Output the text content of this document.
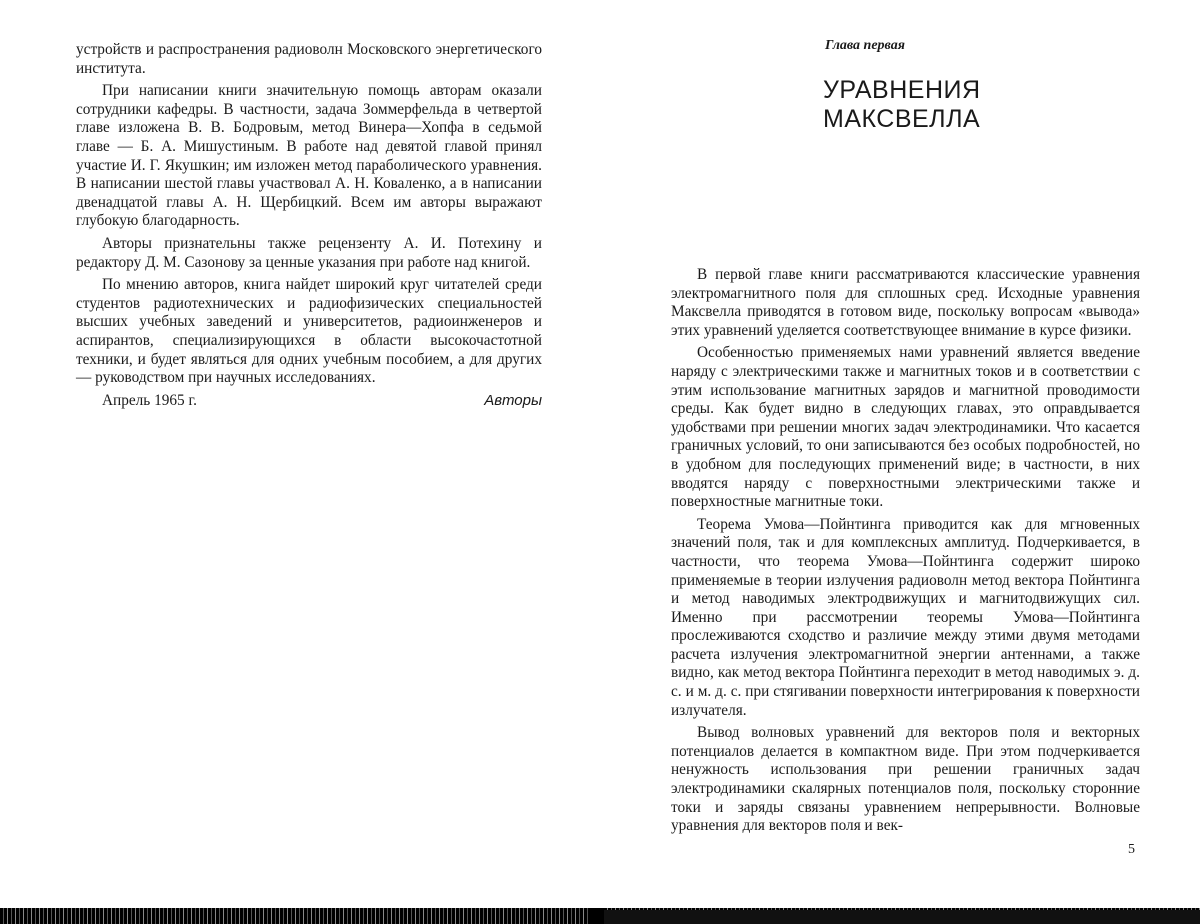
устройств и распространения радиоволн Московского энергетического института.

При написании книги значительную помощь авторам оказали сотрудники кафедры. В частности, задача Зоммерфельда в четвертой главе изложена В. В. Бодровым, метод Винера—Хопфа в седьмой главе — Б. А. Мишустиным. В работе над девятой главой принял участие И. Г. Якушкин; им изложен метод параболического уравнения. В написании шестой главы участвовал А. Н. Коваленко, а в написании двенадцатой главы А. Н. Щербицкий. Всем им авторы выражают глубокую благодарность.

Авторы признательны также рецензенту А. И. Потехину и редактору Д. М. Сазонову за ценные указания при работе над книгой.

По мнению авторов, книга найдет широкий круг читателей среди студентов радиотехнических и радиофизических специальностей высших учебных заведений и университетов, радиоинженеров и аспирантов, специализирующихся в области высокочастотной техники, и будет являться для одних учебным пособием, а для других — руководством при научных исследованиях.

Апрель 1965 г.	Авторы
Глава первая
УРАВНЕНИЯ
МАКСВЕЛЛА

В первой главе книги рассматриваются классические уравнения электромагнитного поля для сплошных сред. Исходные уравнения Максвелла приводятся в готовом виде, поскольку вопросам «вывода» этих уравнений уделяется соответствующее внимание в курсе физики.

Особенностью применяемых нами уравнений является введение наряду с электрическими также и магнитных токов и в соответствии с этим использование магнитных зарядов и магнитной проводимости среды. Как будет видно в следующих главах, это оправдывается удобствами при решении многих задач электродинамики. Что касается граничных условий, то они записываются без особых подробностей, но в удобном для последующих применений виде; в частности, в них вводятся наряду с поверхностными электрическими также и поверхностные магнитные токи.

Теорема Умова—Пойнтинга приводится как для мгновенных значений поля, так и для комплексных амплитуд. Подчеркивается, в частности, что теорема Умова—Пойнтинга содержит широко применяемые в теории излучения радиоволн метод вектора Пойнтинга и метод наводимых электродвижущих и магнитодвижущих сил. Именно при рассмотрении теоремы Умова—Пойнтинга прослеживаются сходство и различие между этими двумя методами расчета излучения электромагнитной энергии антеннами, а также видно, как метод вектора Пойнтинга переходит в метод наводимых э. д. с. и м. д. с. при стягивании поверхности интегрирования к поверхности излучателя.

Вывод волновых уравнений для векторов поля и векторных потенциалов делается в компактном виде. При этом подчеркивается ненужность использования при решении граничных задач электродинамики скалярных потенциалов поля, поскольку сторонние токи и заряды связаны уравнением непрерывности. Волновые уравнения для векторов поля и век-

5
